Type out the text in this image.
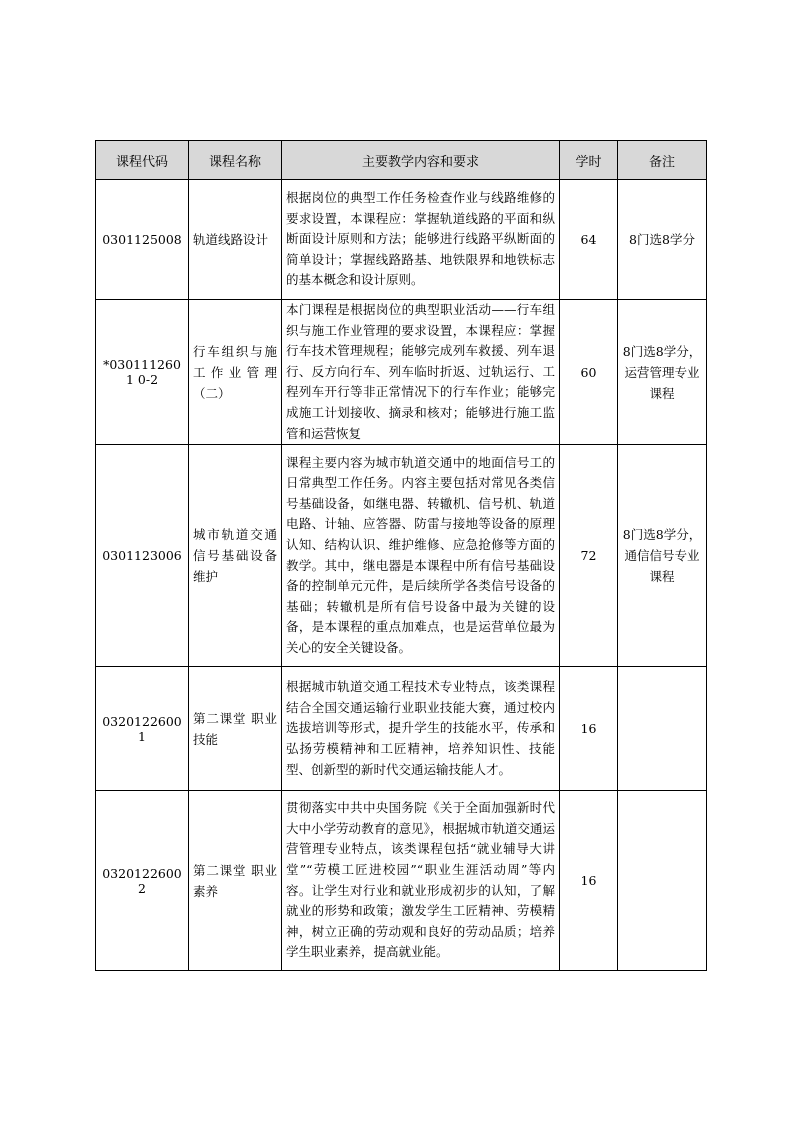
课程代码	课程名称	主要教学内容和要求	学时	备注
0301125008	轨道线路设计	根据岗位的典型工作任务检查作业与线路维修的要求设置，本课程应：掌握轨道线路的平面和纵断面设计原则和方法；能够进行线路平纵断面的简单设计；掌握线路路基、地铁限界和地铁标志的基本概念和设计原则。	64	8门选8学分
*0301112601 0-2	行车组织与施工作业管理（二）	本门课程是根据岗位的典型职业活动——行车组织与施工作业管理的要求设置，本课程应：掌握行车技术管理规程；能够完成列车救援、列车退行、反方向行车、列车临时折返、过轨运行、工程列车开行等非正常情况下的行车作业；能够完成施工计划接收、摘录和核对；能够进行施工监管和运营恢复	60	8门选8学分，运营管理专业课程
0301123006	城市轨道交通信号基础设备维护	课程主要内容为城市轨道交通中的地面信号工的日常典型工作任务。内容主要包括对常见各类信号基础设备，如继电器、转辙机、信号机、轨道电路、计轴、应答器、防雷与接地等设备的原理认知、结构认识、维护维修、应急抢修等方面的教学。其中，继电器是本课程中所有信号基础设备的控制单元元件，是后续所学各类信号设备的基础；转辙机是所有信号设备中最为关键的设备，是本课程的重点加难点，也是运营单位最为关心的安全关键设备。	72	8门选8学分，通信信号专业课程
03201226001	第二课堂 职业技能	根据城市轨道交通工程技术专业特点，该类课程结合全国交通运输行业职业技能大赛，通过校内选拔培训等形式，提升学生的技能水平，传承和弘扬劳模精神和工匠精神，培养知识性、技能型、创新型的新时代交通运输技能人才。	16	
03201226002	第二课堂 职业素养	贯彻落实中共中央国务院《关于全面加强新时代大中小学劳动教育的意见》，根据城市轨道交通运营管理专业特点，该类课程包括“就业辅导大讲堂”“劳模工匠进校园”“职业生涯活动周”等内容。让学生对行业和就业形成初步的认知，了解就业的形势和政策；激发学生工匠精神、劳模精神，树立正确的劳动观和良好的劳动品质；培养学生职业素养，提高就业能。	16	
